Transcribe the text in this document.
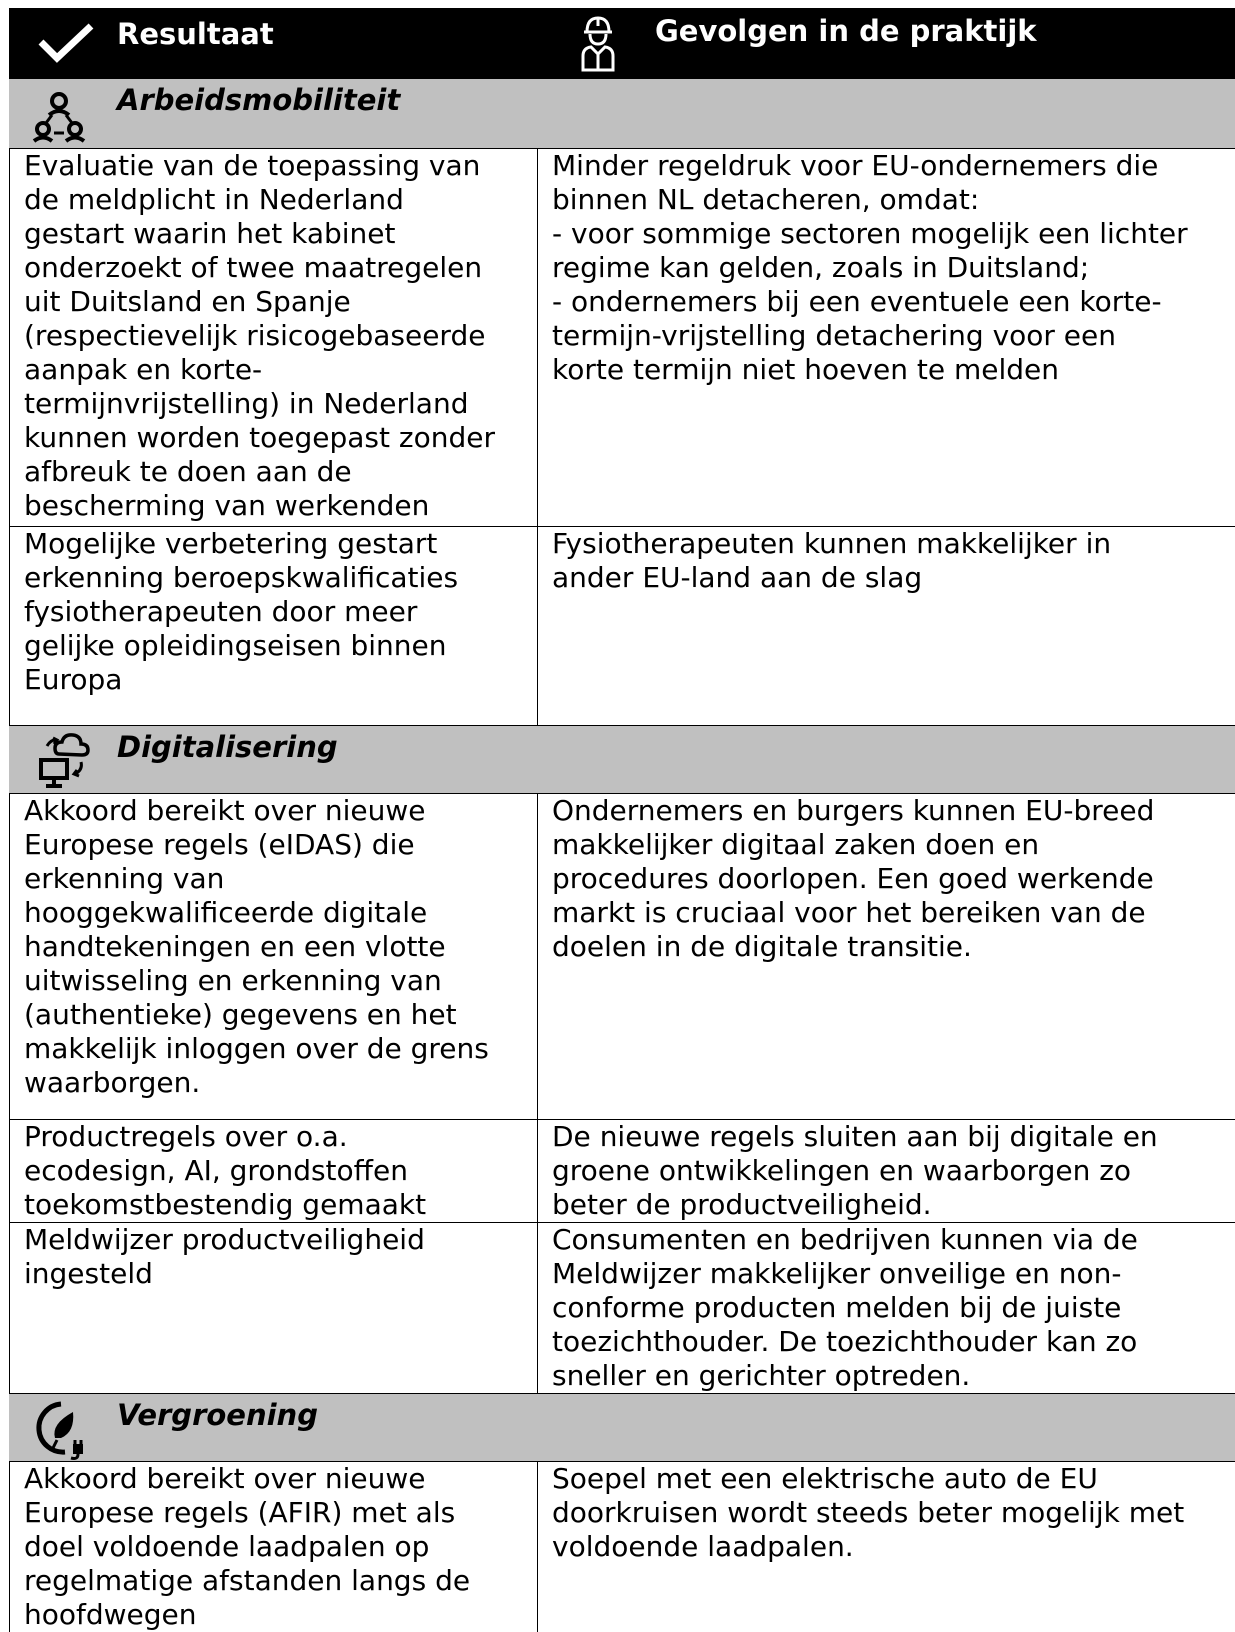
Resultaat	Gevolgen in de praktijk
Arbeidsmobiliteit
Evaluatie van de toepassing van
de meldplicht in Nederland
gestart waarin het kabinet
onderzoekt of twee maatregelen
uit Duitsland en Spanje
(respectievelijk risicogebaseerde
aanpak en korte-
termijnvrijstelling) in Nederland
kunnen worden toegepast zonder
afbreuk te doen aan de
bescherming van werkenden
Minder regeldruk voor EU-ondernemers die
binnen NL detacheren, omdat:
- voor sommige sectoren mogelijk een lichter
regime kan gelden, zoals in Duitsland;
- ondernemers bij een eventuele een korte-
termijn-vrijstelling detachering voor een
korte termijn niet hoeven te melden
Mogelijke verbetering gestart
erkenning beroepskwalificaties
fysiotherapeuten door meer
gelijke opleidingseisen binnen
Europa
Fysiotherapeuten kunnen makkelijker in
ander EU-land aan de slag
Digitalisering
Akkoord bereikt over nieuwe
Europese regels (eIDAS) die
erkenning van
hooggekwalificeerde digitale
handtekeningen en een vlotte
uitwisseling en erkenning van
(authentieke) gegevens en het
makkelijk inloggen over de grens
waarborgen.
Ondernemers en burgers kunnen EU-breed
makkelijker digitaal zaken doen en
procedures doorlopen. Een goed werkende
markt is cruciaal voor het bereiken van de
doelen in de digitale transitie.
Productregels over o.a.
ecodesign, AI, grondstoffen
toekomstbestendig gemaakt
De nieuwe regels sluiten aan bij digitale en
groene ontwikkelingen en waarborgen zo
beter de productveiligheid.
Meldwijzer productveiligheid
ingesteld
Consumenten en bedrijven kunnen via de
Meldwijzer makkelijker onveilige en non-
conforme producten melden bij de juiste
toezichthouder. De toezichthouder kan zo
sneller en gerichter optreden.
Vergroening
Akkoord bereikt over nieuwe
Europese regels (AFIR) met als
doel voldoende laadpalen op
regelmatige afstanden langs de
hoofdwegen
Soepel met een elektrische auto de EU
doorkruisen wordt steeds beter mogelijk met
voldoende laadpalen.
